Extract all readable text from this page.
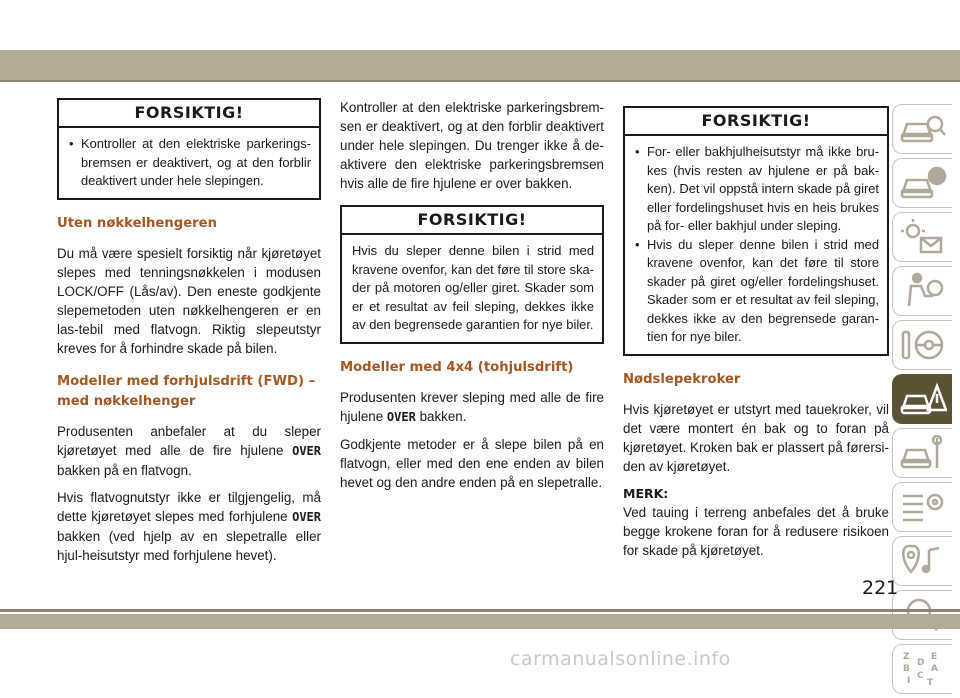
FORSIKTIG!
• Kontroller at den elektriske parkerings-bremsen er deaktivert, og at den forblir deaktivert under hele slepingen.
Uten nøkkelhengeren

Du må være spesielt forsiktig når kjøretøyet slepes med tenningsnøkkelen i modusen LOCK/OFF (Lås/av). Den eneste godkjente slepemetoden uten nøkkelhengeren er en las-tebil med flatvogn. Riktig slepeutstyr kreves for å forhindre skade på bilen.

Modeller med forhjulsdrift (FWD) – med nøkkelhenger

Produsenten anbefaler at du sleper kjøretøyet med alle de fire hjulene OVER bakken på en flatvogn.

Hvis flatvognutstyr ikke er tilgjengelig, må dette kjøretøyet slepes med forhjulene OVER bakken (ved hjelp av en slepetralle eller hjul-heisutstyr med forhjulene hevet).

Kontroller at den elektriske parkeringsbrem-sen er deaktivert, og at den forblir deaktivert under hele slepingen. Du trenger ikke å de-aktivere den elektriske parkeringsbremsen hvis alle de fire hjulene er over bakken.

FORSIKTIG!

Hvis du sleper denne bilen i strid med kravene ovenfor, kan det føre til store ska-der på motoren og/eller giret. Skader som er et resultat av feil sleping, dekkes ikke av den begrensede garantien for nye biler.

Modeller med 4x4 (tohjulsdrift)

Produsenten krever sleping med alle de fire hjulene OVER bakken.

Godkjente metoder er å slepe bilen på en flatvogn, eller med den ene enden av bilen hevet og den andre enden på en slepetralle.

FORSIKTIG!
• For- eller bakhjulheisutstyr må ikke bru-kes (hvis resten av hjulene er på bak-ken). Det vil oppstå intern skade på giret eller fordelingshuset hvis en heis brukes på for- eller bakhjul under sleping.
• Hvis du sleper denne bilen i strid med kravene ovenfor, kan det føre til store skader på giret og/eller fordelingshuset. Skader som er et resultat av feil sleping, dekkes ikke av den begrensede garan-tien for nye biler.
Nødslepekroker

Hvis kjøretøyet er utstyrt med tauekroker, vil det være montert én bak og to foran på kjøretøyet. Kroken bak er plassert på førersi-den av kjøretøyet.

MERK:
Ved tauing i terreng anbefales det å bruke begge krokene foran for å redusere risikoen for skade på kjøretøyet.
Z E
B A
D
I C
T
221
carmanualsonline.info
